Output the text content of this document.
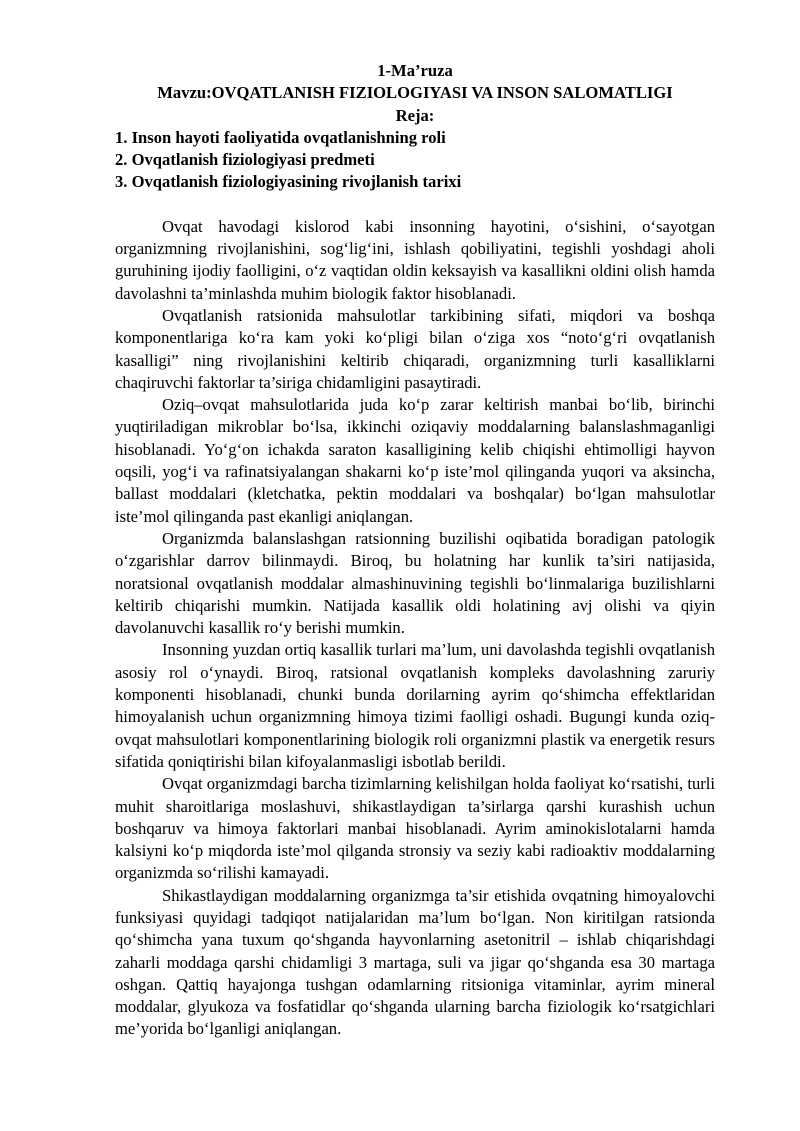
1-Ma’ruza

Mavzu:OVQATLANISH FIZIOLOGIYASI VA INSON SALOMATLIGI

Reja:

1. Inson hayoti faoliyatida ovqatlanishning roli

2. Ovqatlanish fiziologiyasi predmeti

3. Ovqatlanish fiziologiyasining rivojlanish tarixi

Ovqat havodagi kislorod kabi insonning hayotini, o‘sishini, o‘sayotgan organizmning rivojlanishini, sog‘lig‘ini, ishlash qobiliyatini, tegishli yoshdagi aholi guruhining ijodiy faolligini, o‘z vaqtidan oldin keksayish va kasallikni oldini olish hamda davolashni ta’minlashda muhim biologik faktor hisoblanadi.

Ovqatlanish ratsionida mahsulotlar tarkibining sifati, miqdori va boshqa komponentlariga ko‘ra kam yoki ko‘pligi bilan o‘ziga xos “noto‘g‘ri ovqatlanish kasalligi” ning rivojlanishini keltirib chiqaradi, organizmning turli kasalliklarni chaqiruvchi faktorlar ta’siriga chidamligini pasaytiradi.

Oziq–ovqat mahsulotlarida juda ko‘p zarar keltirish manbai bo‘lib, birinchi yuqtiriladigan mikroblar bo‘lsa, ikkinchi oziqaviy moddalarning balanslashmaganligi hisoblanadi. Yo‘g‘on ichakda saraton kasalligining kelib chiqishi ehtimolligi hayvon oqsili, yog‘i va rafinatsiyalangan shakarni ko‘p iste’mol qilinganda yuqori va aksincha, ballast moddalari (kletchatka, pektin moddalari va boshqalar) bo‘lgan mahsulotlar iste’mol qilinganda past ekanligi aniqlangan.

Organizmda balanslashgan ratsionning buzilishi oqibatida boradigan patologik o‘zgarishlar darrov bilinmaydi. Biroq, bu holatning har kunlik ta’siri natijasida, noratsional ovqatlanish moddalar almashinuvining tegishli bo‘linmalariga buzilishlarni keltirib chiqarishi mumkin. Natijada kasallik oldi holatining avj olishi va qiyin davolanuvchi kasallik ro‘y berishi mumkin.

Insonning yuzdan ortiq kasallik turlari ma’lum, uni davolashda tegishli ovqatlanish asosiy rol o‘ynaydi. Biroq, ratsional ovqatlanish kompleks davolashning zaruriy komponenti hisoblanadi, chunki bunda dorilarning ayrim qo‘shimcha effektlaridan himoyalanish uchun organizmning himoya tizimi faolligi oshadi. Bugungi kunda oziq-ovqat mahsulotlari komponentlarining biologik roli organizmni plastik va energetik resurs sifatida qoniqtirishi bilan kifoyalanmasligi isbotlab berildi.

Ovqat organizmdagi barcha tizimlarning kelishilgan holda faoliyat ko‘rsatishi, turli muhit sharoitlariga moslashuvi, shikastlaydigan ta’sirlarga qarshi kurashish uchun boshqaruv va himoya faktorlari manbai hisoblanadi. Ayrim aminokislotalarni hamda kalsiyni ko‘p miqdorda iste’mol qilganda stronsiy va seziy kabi radioaktiv moddalarning organizmda so‘rilishi kamayadi.

Shikastlaydigan moddalarning organizmga ta’sir etishida ovqatning himoyalovchi funksiyasi quyidagi tadqiqot natijalaridan ma’lum bo‘lgan. Non kiritilgan ratsionda qo‘shimcha yana tuxum qo‘shganda hayvonlarning asetonitril – ishlab chiqarishdagi zaharli moddaga qarshi chidamligi 3 martaga, suli va jigar qo‘shganda esa 30 martaga oshgan. Qattiq hayajonga tushgan odamlarning ritsioniga vitaminlar, ayrim mineral moddalar, glyukoza va fosfatidlar qo‘shganda ularning barcha fiziologik ko‘rsatgichlari me’yorida bo‘lganligi aniqlangan.
